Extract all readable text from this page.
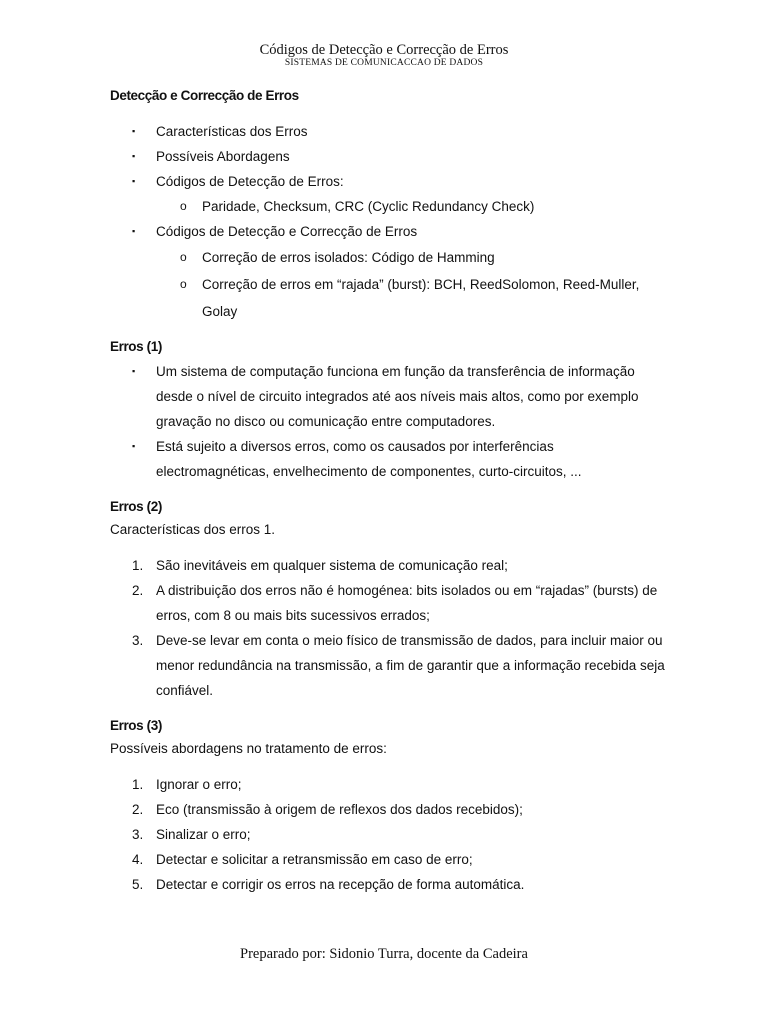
Códigos de Detecção e Correcção de Erros
SISTEMAS DE COMUNICACCAO DE DADOS
Detecção e Correcção de Erros
▪ Características dos Erros
▪ Possíveis Abordagens
▪ Códigos de Detecção de Erros:
o Paridade, Checksum, CRC (Cyclic Redundancy Check)
▪ Códigos de Detecção e Correcção de Erros
o Correção de erros isolados: Código de Hamming
o Correção de erros em “rajada” (burst): BCH, ReedSolomon, Reed-Muller, Golay
Erros (1)
▪ Um sistema de computação funciona em função da transferência de informação desde o nível de circuito integrados até aos níveis mais altos, como por exemplo gravação no disco ou comunicação entre computadores.
▪ Está sujeito a diversos erros, como os causados por interferências electromagnéticas, envelhecimento de componentes, curto-circuitos, ...
Erros (2)
Características dos erros 1.
1. São inevitáveis em qualquer sistema de comunicação real;
2. A distribuição dos erros não é homogénea: bits isolados ou em “rajadas” (bursts) de erros, com 8 ou mais bits sucessivos errados;
3. Deve-se levar em conta o meio físico de transmissão de dados, para incluir maior ou menor redundância na transmissão, a fim de garantir que a informação recebida seja confiável.
Erros (3)
Possíveis abordagens no tratamento de erros:
1. Ignorar o erro;
2. Eco (transmissão à origem de reflexos dos dados recebidos);
3. Sinalizar o erro;
4. Detectar e solicitar a retransmissão em caso de erro;
5. Detectar e corrigir os erros na recepção de forma automática.
Preparado por: Sidonio Turra, docente da Cadeira
